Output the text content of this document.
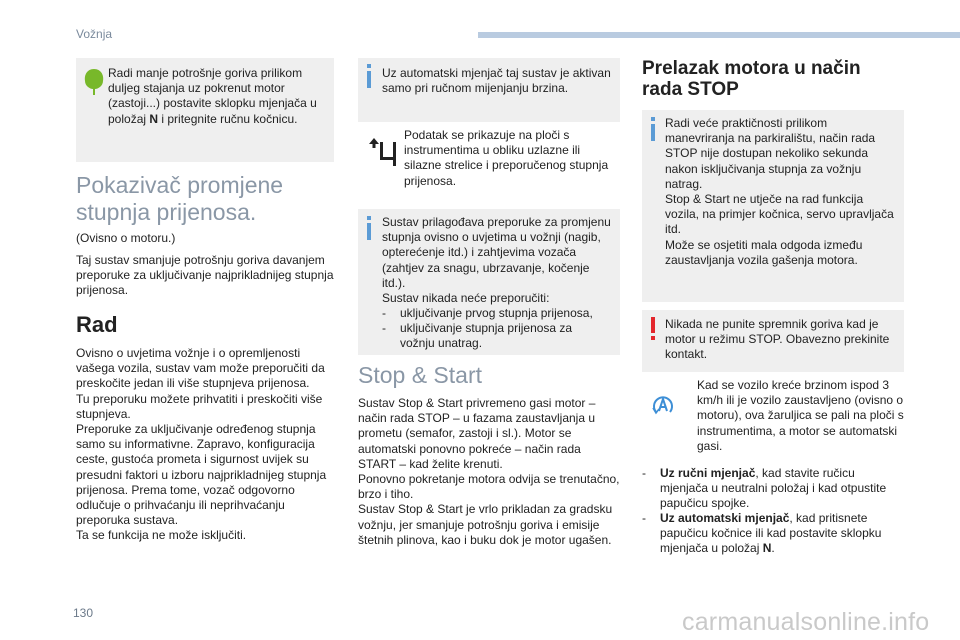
Vožnja
Radi manje potrošnje goriva prilikom duljeg stajanja uz pokrenut motor (zastoji...) postavite sklopku mjenjača u položaj N i pritegnite ručnu kočnicu.
Pokazivač promjene
stupnja prijenosa.
(Ovisno o motoru.)
Taj sustav smanjuje potrošnju goriva davanjem preporuke za uključivanje najprikladnijeg stupnja prijenosa.
Rad

Ovisno o uvjetima vožnje i o opremljenosti vašega vozila, sustav vam može preporučiti da preskočite jedan ili više stupnjeva prijenosa.

Tu preporuku možete prihvatiti i preskočiti više stupnjeva.

Preporuke za uključivanje određenog stupnja samo su informativne. Zapravo, konfiguracija ceste, gustoća prometa i sigurnost uvijek su presudni faktori u izboru najprikladnijeg stupnja prijenosa. Prema tome, vozač odgovorno odlučuje o prihvaćanju ili neprihvaćanju preporuka sustava.

Ta se funkcija ne može isključiti.

Uz automatski mjenjač taj sustav je aktivan samo pri ručnom mijenjanju brzina.
Podatak se prikazuje na ploči s instrumentima u obliku uzlazne ili silazne strelice i preporučenog stupnja prijenosa.

Sustav prilagođava preporuke za promjenu stupnja ovisno o uvjetima u vožnji (nagib, opterećenje itd.) i zahtjevima vozača (zahtjev za snagu, ubrzavanje, kočenje itd.).

Sustav nikada neće preporučiti:

- uključivanje prvog stupnja prijenosa,
- uključivanje stupnja prijenosa za vožnju unatrag.
Stop & Start

Sustav Stop & Start privremeno gasi motor – način rada STOP – u fazama zaustavljanja u prometu (semafor, zastoji i sl.). Motor se automatski ponovno pokreće – način rada START – kad želite krenuti.

Ponovno pokretanje motora odvija se trenutačno, brzo i tiho.

Sustav Stop & Start je vrlo prikladan za gradsku vožnju, jer smanjuje potrošnju goriva i emisije štetnih plinova, kao i buku dok je motor ugašen.

Prelazak motora u način
rada STOP

Radi veće praktičnosti prilikom manevriranja na parkiralištu, način rada STOP nije dostupan nekoliko sekunda nakon isključivanja stupnja za vožnju natrag.

Stop & Start ne utječe na rad funkcija vozila, na primjer kočnica, servo upravljača itd.

Može se osjetiti mala odgoda između zaustavljanja vozila gašenja motora.

Nikada ne punite spremnik goriva kad je motor u režimu STOP. Obavezno prekinite kontakt.
Kad se vozilo kreće brzinom ispod 3 km/h ili je vozilo zaustavljeno (ovisno o motoru), ova žaruljica se pali na ploči s instrumentima, a motor se automatski gasi.
- Uz ručni mjenjač, kad stavite ručicu mjenjača u neutralni položaj i kad otpustite papučicu spojke.
- Uz automatski mjenjač, kad pritisnete papučicu kočnice ili kad postavite sklopku mjenjača u položaj N.
130	carmanualsonline.info
